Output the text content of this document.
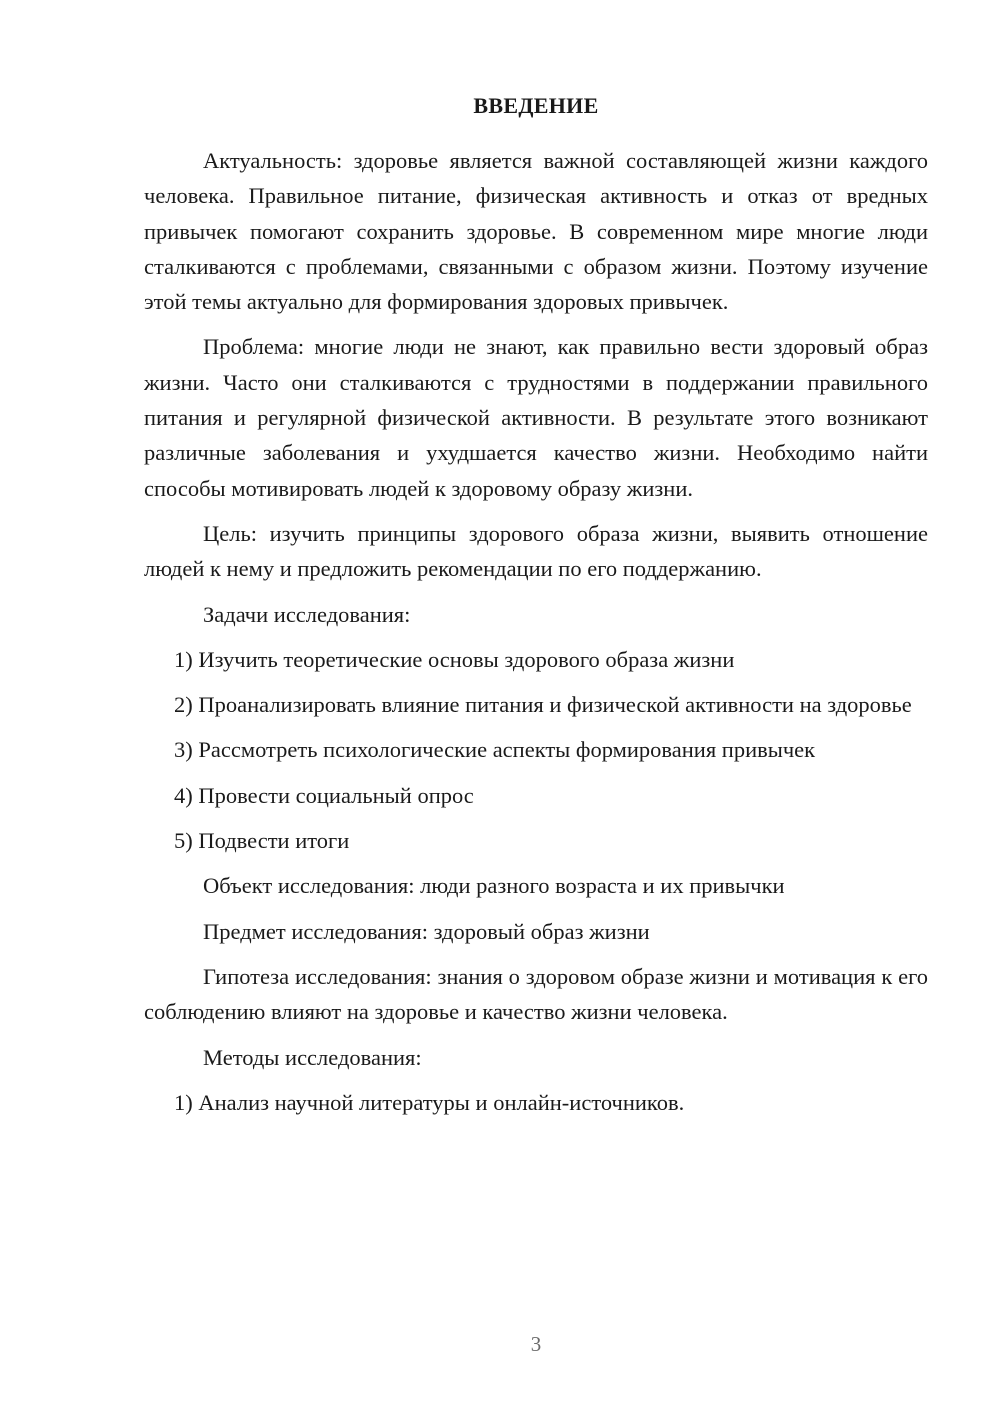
ВВЕДЕНИЕ

Актуальность: здоровье является важной составляющей жизни каждого человека. Правильное питание, физическая активность и отказ от вредных привычек помогают сохранить здоровье. В современном мире многие люди сталкиваются с проблемами, связанными с образом жизни. Поэтому изучение этой темы актуально для формирования здоровых привычек.

Проблема: многие люди не знают, как правильно вести здоровый образ жизни. Часто они сталкиваются с трудностями в поддержании правильного питания и регулярной физической активности. В результате этого возникают различные заболевания и ухудшается качество жизни. Необходимо найти способы мотивировать людей к здоровому образу жизни.

Цель: изучить принципы здорового образа жизни, выявить отношение людей к нему и предложить рекомендации по его поддержанию.

Задачи исследования:

1) Изучить теоретические основы здорового образа жизни

2) Проанализировать влияние питания и физической активности на здоровье

3) Рассмотреть психологические аспекты формирования привычек

4) Провести социальный опрос

5) Подвести итоги

Объект исследования: люди разного возраста и их привычки

Предмет исследования: здоровый образ жизни

Гипотеза исследования: знания о здоровом образе жизни и мотивация к его соблюдению влияют на здоровье и качество жизни человека.

Методы исследования:

1) Анализ научной литературы и онлайн-источников.

3
